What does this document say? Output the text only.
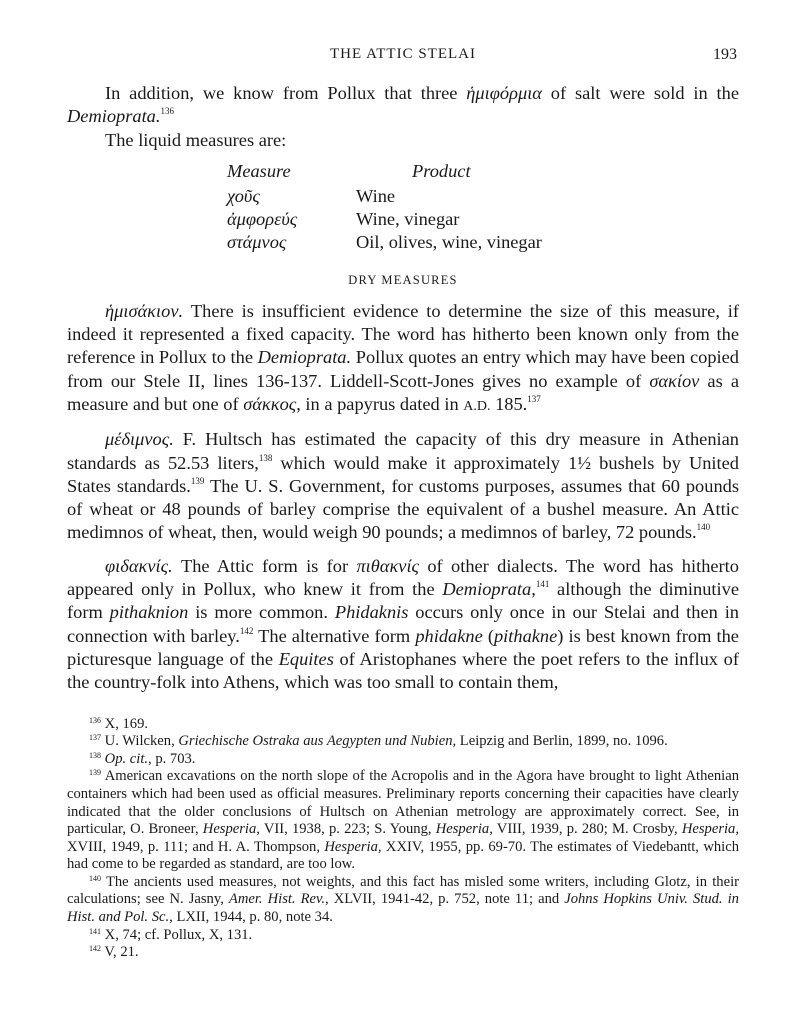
THE ATTIC STELAI	193

In addition, we know from Pollux that three ἡμιφόρμια of salt were sold in the Demioprata.$^{136}$

The liquid measures are:

Measure	Product
χοῦς	Wine
ἀμφορεύς	Wine, vinegar
στάμνος	Oil, olives, wine, vinegar
DRY MEASURES

ἡμισάκιον. There is insufficient evidence to determine the size of this measure, if indeed it represented a fixed capacity. The word has hitherto been known only from the reference in Pollux to the Demioprata. Pollux quotes an entry which may have been copied from our Stele II, lines 136-137. Liddell-Scott-Jones gives no example of σακίον as a measure and but one of σάκκος, in a papyrus dated in A.D. 185.$^{137}$

μέδιμνος. F. Hultsch has estimated the capacity of this dry measure in Athenian standards as 52.53 liters,$^{138}$ which would make it approximately 1½ bushels by United States standards.$^{139}$ The U. S. Government, for customs purposes, assumes that 60 pounds of wheat or 48 pounds of barley comprise the equivalent of a bushel measure. An Attic medimnos of wheat, then, would weigh 90 pounds; a medimnos of barley, 72 pounds.$^{140}$

φιδακνίς. The Attic form is for πιθακνίς of other dialects. The word has hitherto appeared only in Pollux, who knew it from the Demioprata,$^{141}$ although the diminutive form pithaknion is more common. Phidaknis occurs only once in our Stelai and then in connection with barley.$^{142}$ The alternative form phidakne (pithakne) is best known from the picturesque language of the Equites of Aristophanes where the poet refers to the influx of the country-folk into Athens, which was too small to contain them,

$^{136}$ X, 169.

$^{137}$ U. Wilcken, Griechische Ostraka aus Aegypten und Nubien, Leipzig and Berlin, 1899, no. 1096.

$^{138}$ Op. cit., p. 703.

$^{139}$ American excavations on the north slope of the Acropolis and in the Agora have brought to light Athenian containers which had been used as official measures. Preliminary reports concerning their capacities have clearly indicated that the older conclusions of Hultsch on Athenian metrology are approximately correct. See, in particular, O. Broneer, Hesperia, VII, 1938, p. 223; S. Young, Hesperia, VIII, 1939, p. 280; M. Crosby, Hesperia, XVIII, 1949, p. 111; and H. A. Thompson, Hesperia, XXIV, 1955, pp. 69-70. The estimates of Viedebantt, which had come to be regarded as standard, are too low.

$^{140}$ The ancients used measures, not weights, and this fact has misled some writers, including Glotz, in their calculations; see N. Jasny, Amer. Hist. Rev., XLVII, 1941-42, p. 752, note 11; and Johns Hopkins Univ. Stud. in Hist. and Pol. Sc., LXII, 1944, p. 80, note 34.

$^{141}$ X, 74; cf. Pollux, X, 131.

$^{142}$ V, 21.
